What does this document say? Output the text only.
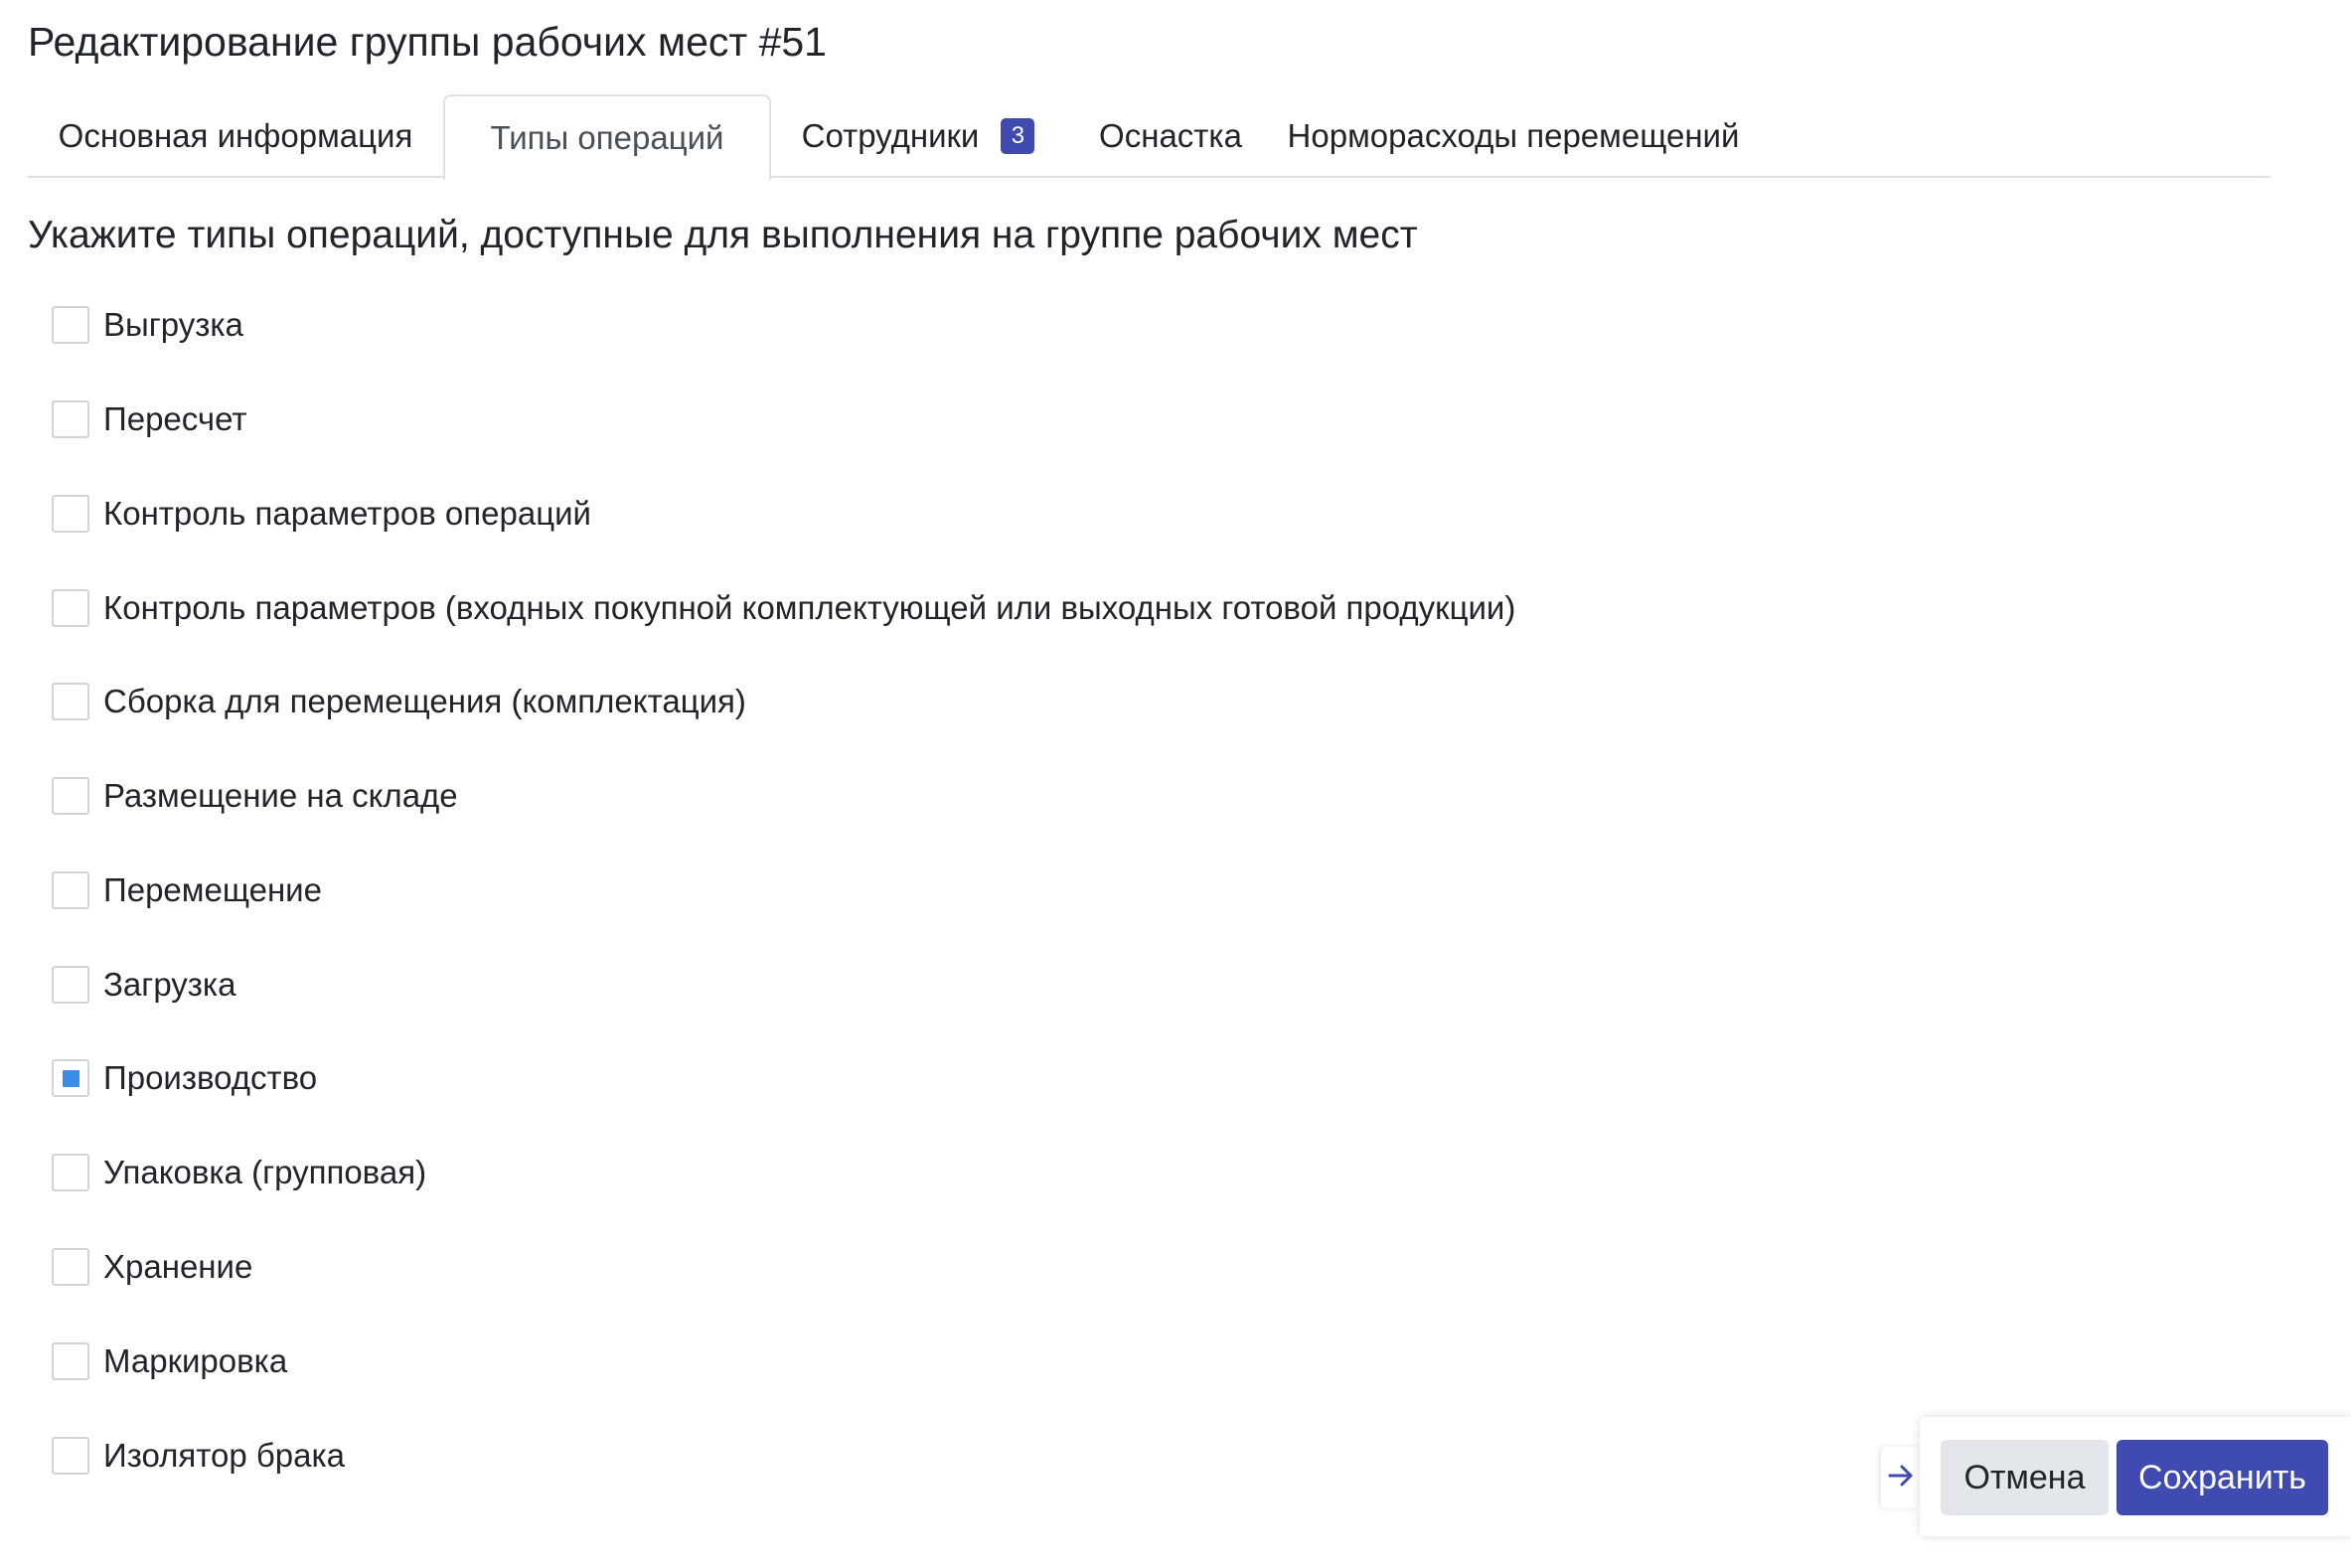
Редактирование группы рабочих мест #51
Основная информация Типы операций Сотрудники	3	Оснастка Норморасходы перемещений
Укажите типы операций, доступные для выполнения на группе рабочих мест
Выгрузка
Пересчет
Контроль параметров операций
Контроль параметров (входных покупной комплектующей или выходных готовой продукции)
Сборка для перемещения (комплектация)
Размещение на складе
Перемещение
Загрузка
Производство
Упаковка (групповая)
Хранение
Маркировка
Изолятор брака
Отмена	Сохранить
